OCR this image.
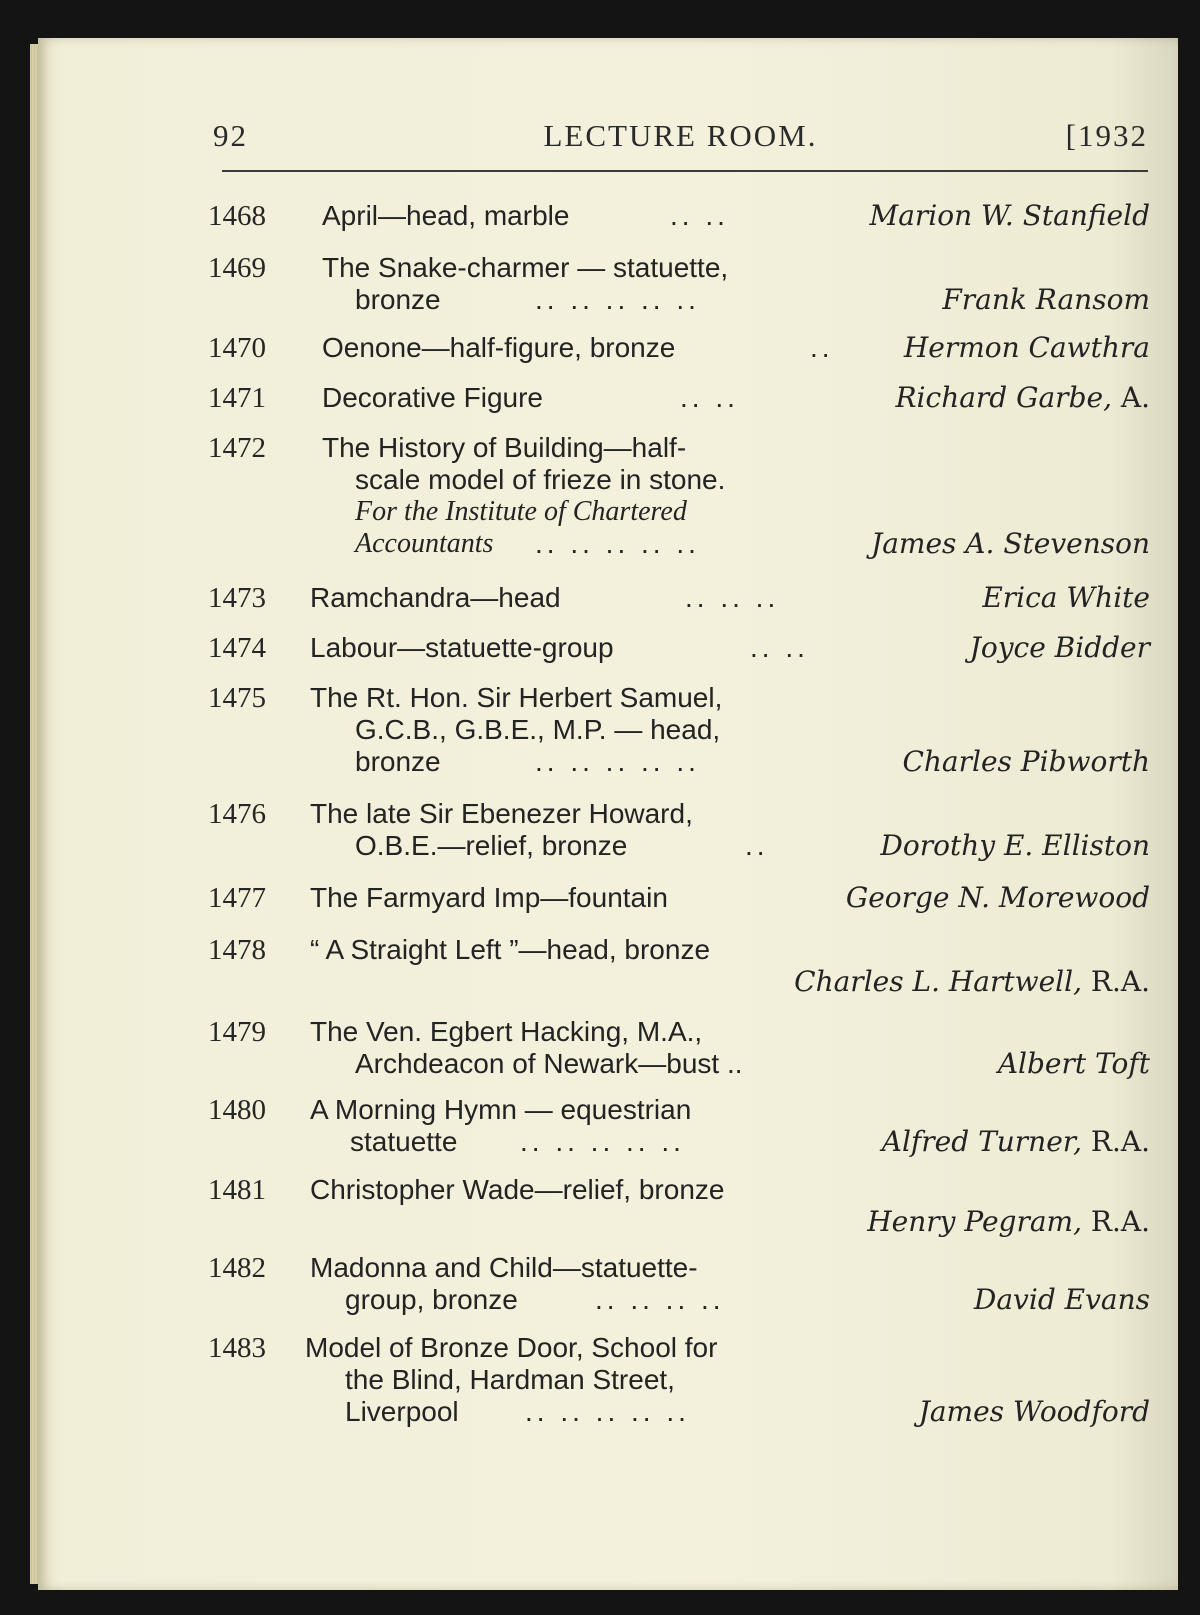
92	LECTURE ROOM.	[1932
1468 April—head, marble	.. ..	Marion W. Stanfield
1469 The Snake-charmer — statuette,
bronze	.. .. .. .. ..	Frank Ransom
1470 Oenone—half-figure, bronze	..	Hermon Cawthra
1471 Decorative Figure	.. ..	Richard Garbe, A.
1472 The History of Building—half-
scale model of frieze in stone.
For the Institute of Chartered
Accountants .. .. .. .. ..	James A. Stevenson
1473 Ramchandra—head	.. .. ..	Erica White
1474 Labour—statuette-group	.. ..	Joyce Bidder
1475 The Rt. Hon. Sir Herbert Samuel,
G.C.B., G.B.E., M.P. — head,
bronze	.. .. .. .. ..	Charles Pibworth
1476 The late Sir Ebenezer Howard,
O.B.E.—relief, bronze	..	Dorothy E. Elliston
1477 The Farmyard Imp—fountain	George N. Morewood
1478 “ A Straight Left ”—head, bronze
Charles L. Hartwell, R.A.
1479 The Ven. Egbert Hacking, M.A.,
Archdeacon of Newark—bust ..	Albert Toft
1480 A Morning Hymn — equestrian
statuette .. .. .. .. ..	Alfred Turner, R.A.
1481 Christopher Wade—relief, bronze
Henry Pegram, R.A.
1482 Madonna and Child—statuette-
group, bronze	.. .. .. ..	David Evans
1483 Model of Bronze Door, School for
the Blind, Hardman Street,
Liverpool .. .. .. .. ..	James Woodford
